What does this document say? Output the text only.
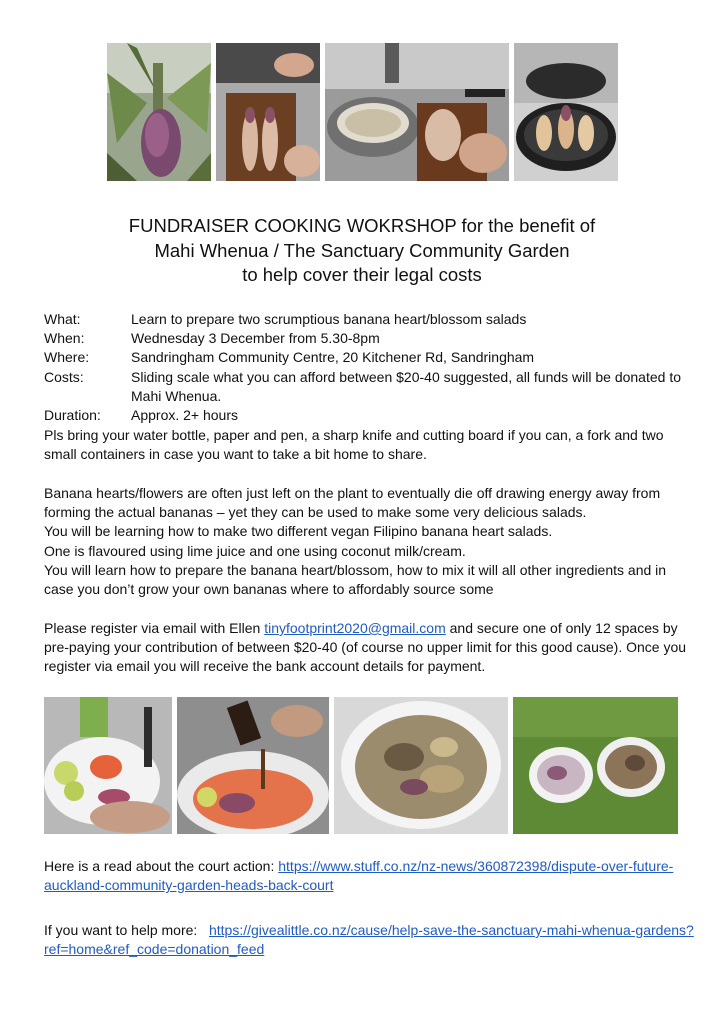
FUNDRAISER COOKING WOKRSHOP for the benefit of
Mahi Whenua / The Sanctuary Community Garden
to help cover their legal costs
What:	Learn to prepare two scrumptious banana heart/blossom salads
When:	Wednesday 3 December from 5.30-8pm
Where:	Sandringham Community Centre, 20 Kitchener Rd, Sandringham
Costs:	Sliding scale what you can afford between $20-40 suggested, all funds will be donated to Mahi Whenua.
Duration:	Approx. 2+ hours

Pls bring your water bottle, paper and pen, a sharp knife and cutting board if you can, a fork and two small containers in case you want to take a bit home to share.

Banana hearts/flowers are often just left on the plant to eventually die off drawing energy away from forming the actual bananas – yet they can be used to make some very delicious salads.

You will be learning how to make two different vegan Filipino banana heart salads.

One is flavoured using lime juice and one using coconut milk/cream.

You will learn how to prepare the banana heart/blossom, how to mix it will all other ingredients and in case you don’t grow your own bananas where to affordably source some

Please register via email with Ellen tinyfootprint2020@gmail.com and secure one of only 12 spaces by pre-paying your contribution of between $20-40 (of course no upper limit for this good cause). Once you register via email you will receive the bank account details for payment.

Here is a read about the court action: https://www.stuff.co.nz/nz-news/360872398/dispute-over-future-auckland-community-garden-heads-back-court

If you want to help more:   https://givealittle.co.nz/cause/help-save-the-sanctuary-mahi-whenua-gardens?ref=home&ref_code=donation_feed
